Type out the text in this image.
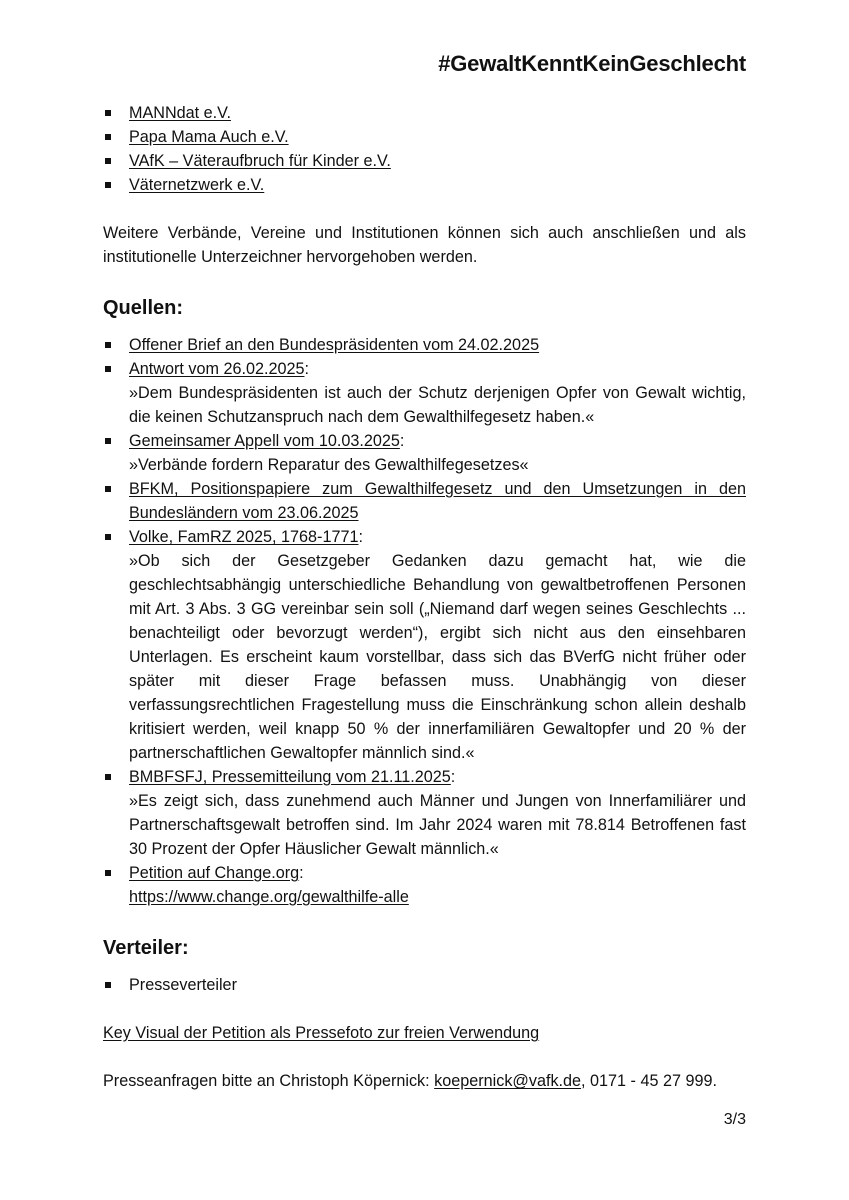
#GewaltKenntKeinGeschlecht
MANNdat e.V.
Papa Mama Auch e.V.
VAfK – Väteraufbruch für Kinder e.V.
Väternetzwerk e.V.

Weitere Verbände, Vereine und Institutionen können sich auch anschließen und als institutionelle Unterzeichner hervorgehoben werden.

Quellen:
Offener Brief an den Bundespräsidenten vom 24.02.2025
Antwort vom 26.02.2025:
»Dem Bundespräsidenten ist auch der Schutz derjenigen Opfer von Gewalt wichtig, die keinen Schutzanspruch nach dem Gewalthilfegesetz haben.«
Gemeinsamer Appell vom 10.03.2025:
»Verbände fordern Reparatur des Gewalthilfegesetzes«
BFKM, Positionspapiere zum Gewalthilfegesetz und den Umsetzungen in den Bundesländern vom 23.06.2025
Volke, FamRZ 2025, 1768-1771:
»Ob sich der Gesetzgeber Gedanken dazu gemacht hat, wie die geschlechtsabhängig unterschiedliche Behandlung von gewaltbetroffenen Personen mit Art. 3 Abs. 3 GG vereinbar sein soll („Niemand darf wegen seines Geschlechts ... benachteiligt oder bevorzugt werden“), ergibt sich nicht aus den einsehbaren Unterlagen. Es erscheint kaum vorstellbar, dass sich das BVerfG nicht früher oder später mit dieser Frage befassen muss. Unabhängig von dieser verfassungsrechtlichen Fragestellung muss die Einschränkung schon allein deshalb kritisiert werden, weil knapp 50 % der innerfamiliären Gewaltopfer und 20 % der partnerschaftlichen Gewaltopfer männlich sind.«
BMBFSFJ, Pressemitteilung vom 21.11.2025:
»Es zeigt sich, dass zunehmend auch Männer und Jungen von Innerfamiliärer und Partnerschaftsgewalt betroffen sind. Im Jahr 2024 waren mit 78.814 Betroffenen fast 30 Prozent der Opfer Häuslicher Gewalt männlich.«
Petition auf Change.org:
https://www.change.org/gewalthilfe-alle
Verteiler:
Presseverteiler

Key Visual der Petition als Pressefoto zur freien Verwendung

Presseanfragen bitte an Christoph Köpernick: koepernick@vafk.de, 0171 - 45 27 999.

3/3
